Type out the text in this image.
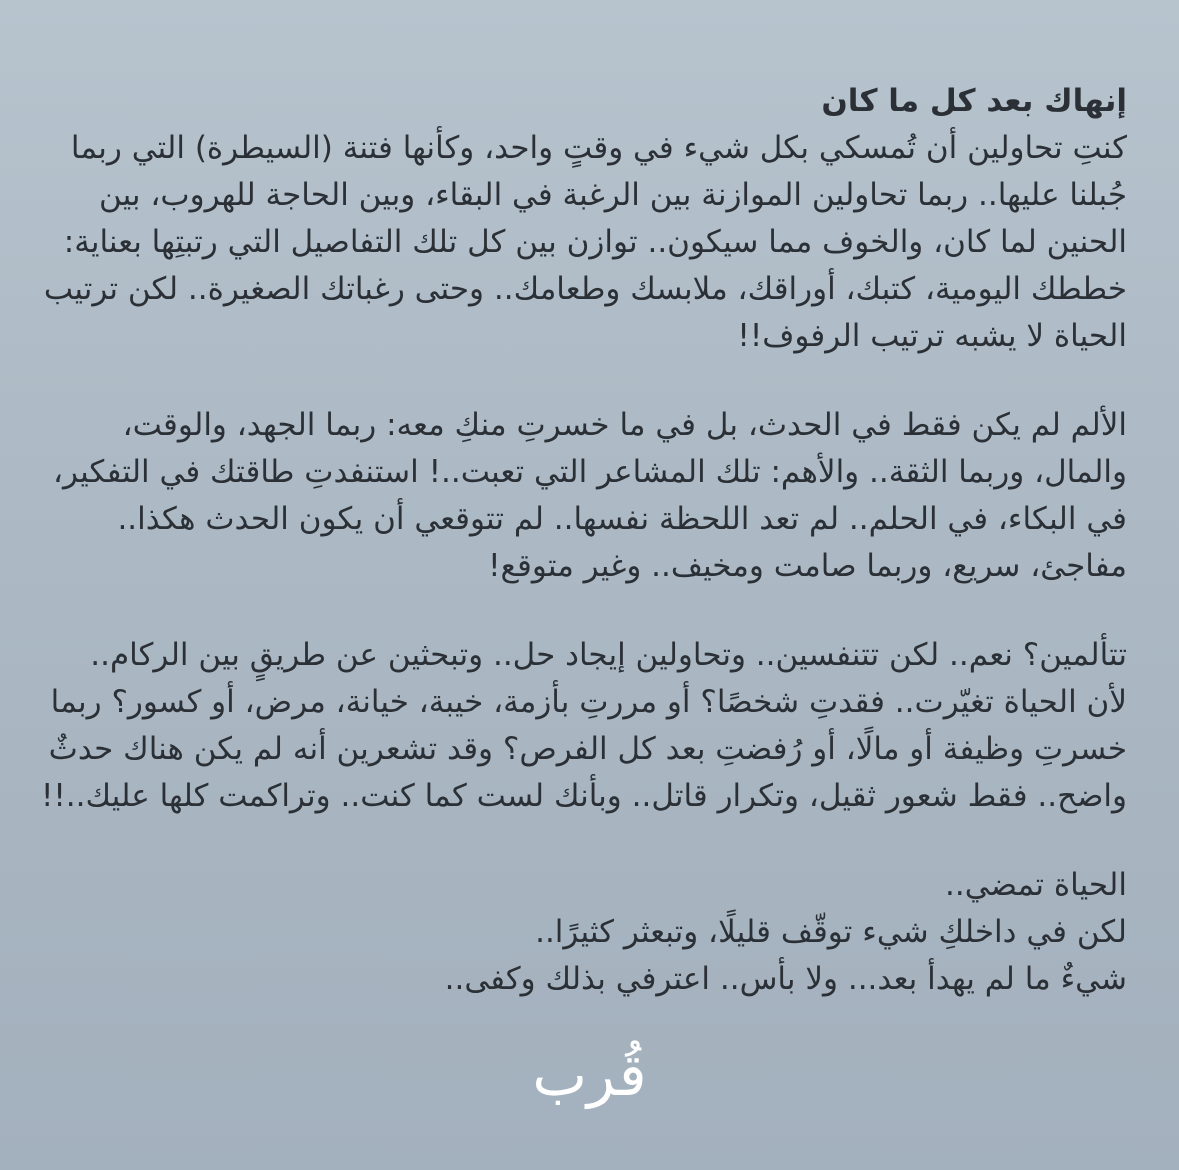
إنهاك بعد كل ما كان

كنتِ تحاولين أن تُمسكي بكل شيء في وقتٍ واحد، وكأنها فتنة (السيطرة) التي ربما جُبلنا عليها.. ربما تحاولين الموازنة بين الرغبة في البقاء، وبين الحاجة للهروب، بين الحنين لما كان، والخوف مما سيكون.. توازن بين كل تلك التفاصيل التي رتبتِها بعناية: خططك اليومية، كتبك، أوراقك، ملابسك وطعامك.. وحتى رغباتك الصغيرة.. لكن ترتيب الحياة لا يشبه ترتيب الرفوف!!

الألم لم يكن فقط في الحدث، بل في ما خسرتِ منكِ معه: ربما الجهد، والوقت، والمال، وربما الثقة.. والأهم: تلك المشاعر التي تعبت..! استنفدتِ طاقتك في التفكير، في البكاء، في الحلم.. لم تعد اللحظة نفسها.. لم تتوقعي أن يكون الحدث هكذا.. مفاجئ، سريع، وربما صامت ومخيف.. وغير متوقع!

تتألمين؟ نعم.. لكن تتنفسين.. وتحاولين إيجاد حل.. وتبحثين عن طريقٍ بين الركام.. لأن الحياة تغيّرت.. فقدتِ شخصًا؟ أو مررتِ بأزمة، خيبة، خيانة، مرض، أو كسور؟ ربما خسرتِ وظيفة أو مالًا، أو رُفضتِ بعد كل الفرص؟ وقد تشعرين أنه لم يكن هناك حدثٌ واضح.. فقط شعور ثقيل، وتكرار قاتل.. وبأنك لست كما كنت.. وتراكمت كلها عليك..!!

الحياة تمضي..
لكن في داخلكِ شيء توقّف قليلًا، وتبعثر كثيرًا..
شيءٌ ما لم يهدأ بعد... ولا بأس.. اعترفي بذلك وكفى..
قُرب
